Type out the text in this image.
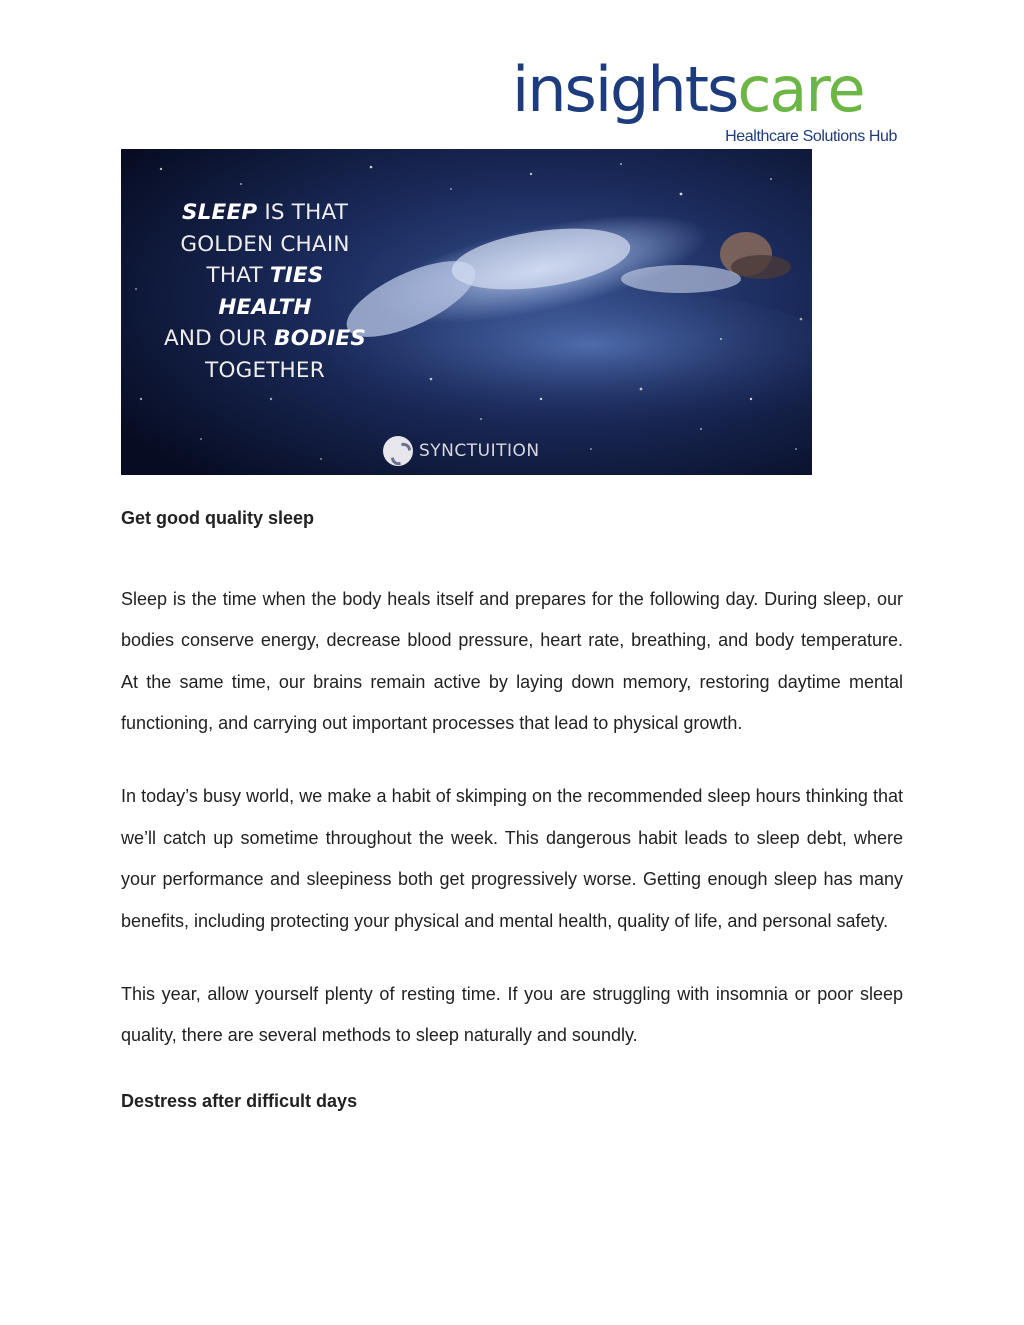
insightscare
Healthcare Solutions Hub
SLEEP IS THAT
GOLDEN CHAIN
THAT TIES
HEALTH
AND OUR BODIES
TOGETHER
SYNCTUITION

Get good quality sleep

Sleep is the time when the body heals itself and prepares for the following day. During sleep, our bodies conserve energy, decrease blood pressure, heart rate, breathing, and body temperature. At the same time, our brains remain active by laying down memory, restoring daytime mental functioning, and carrying out important processes that lead to physical growth.

In today’s busy world, we make a habit of skimping on the recommended sleep hours thinking that we’ll catch up sometime throughout the week. This dangerous habit leads to sleep debt, where your performance and sleepiness both get progressively worse. Getting enough sleep has many benefits, including protecting your physical and mental health, quality of life, and personal safety.

This year, allow yourself plenty of resting time. If you are struggling with insomnia or poor sleep quality, there are several methods to sleep naturally and soundly.

Destress after difficult days
